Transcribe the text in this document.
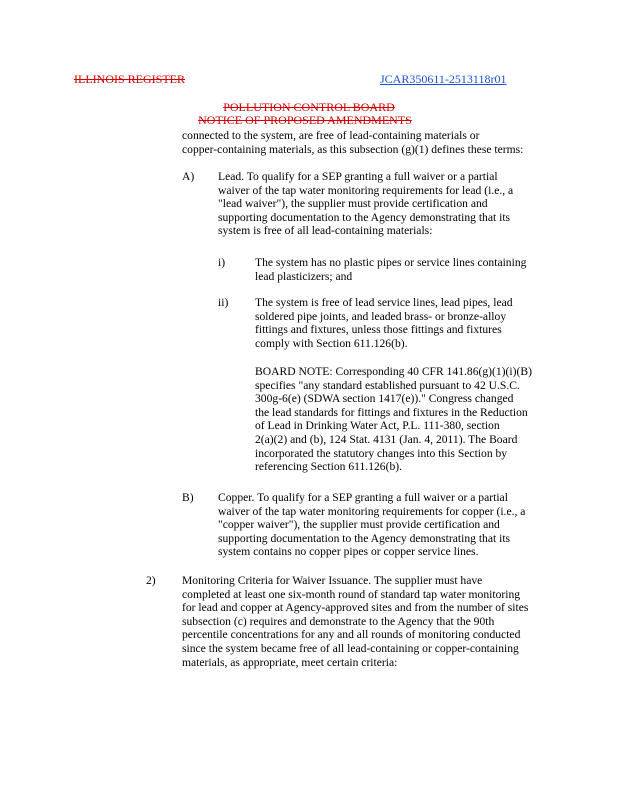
ILLINOIS REGISTER	JCAR350611-2513118r01
POLLUTION CONTROL BOARD
NOTICE OF PROPOSED AMENDMENTS
connected to the system, are free of lead-containing materials or
copper-containing materials, as this subsection (g)(1) defines these terms:
A) Lead. To qualify for a SEP granting a full waiver or a partial
waiver of the tap water monitoring requirements for lead (i.e., a
"lead waiver"), the supplier must provide certification and
supporting documentation to the Agency demonstrating that its
system is free of all lead-containing materials:
i)	The system has no plastic pipes or service lines containing
lead plasticizers; and
ii) The system is free of lead service lines, lead pipes, lead
soldered pipe joints, and leaded brass- or bronze-alloy
fittings and fixtures, unless those fittings and fixtures
comply with Section 611.126(b).
BOARD NOTE: Corresponding 40 CFR 141.86(g)(1)(i)(B)
specifies "any standard established pursuant to 42 U.S.C.
300g-6(e) (SDWA section 1417(e))." Congress changed
the lead standards for fittings and fixtures in the Reduction
of Lead in Drinking Water Act, P.L. 111-380, section
2(a)(2) and (b), 124 Stat. 4131 (Jan. 4, 2011). The Board
incorporated the statutory changes into this Section by
referencing Section 611.126(b).
B) Copper. To qualify for a SEP granting a full waiver or a partial
waiver of the tap water monitoring requirements for copper (i.e., a
"copper waiver"), the supplier must provide certification and
supporting documentation to the Agency demonstrating that its
system contains no copper pipes or copper service lines.
2) Monitoring Criteria for Waiver Issuance. The supplier must have
completed at least one six-month round of standard tap water monitoring
for lead and copper at Agency-approved sites and from the number of sites
subsection (c) requires and demonstrate to the Agency that the 90th
percentile concentrations for any and all rounds of monitoring conducted
since the system became free of all lead-containing or copper-containing
materials, as appropriate, meet certain criteria:
